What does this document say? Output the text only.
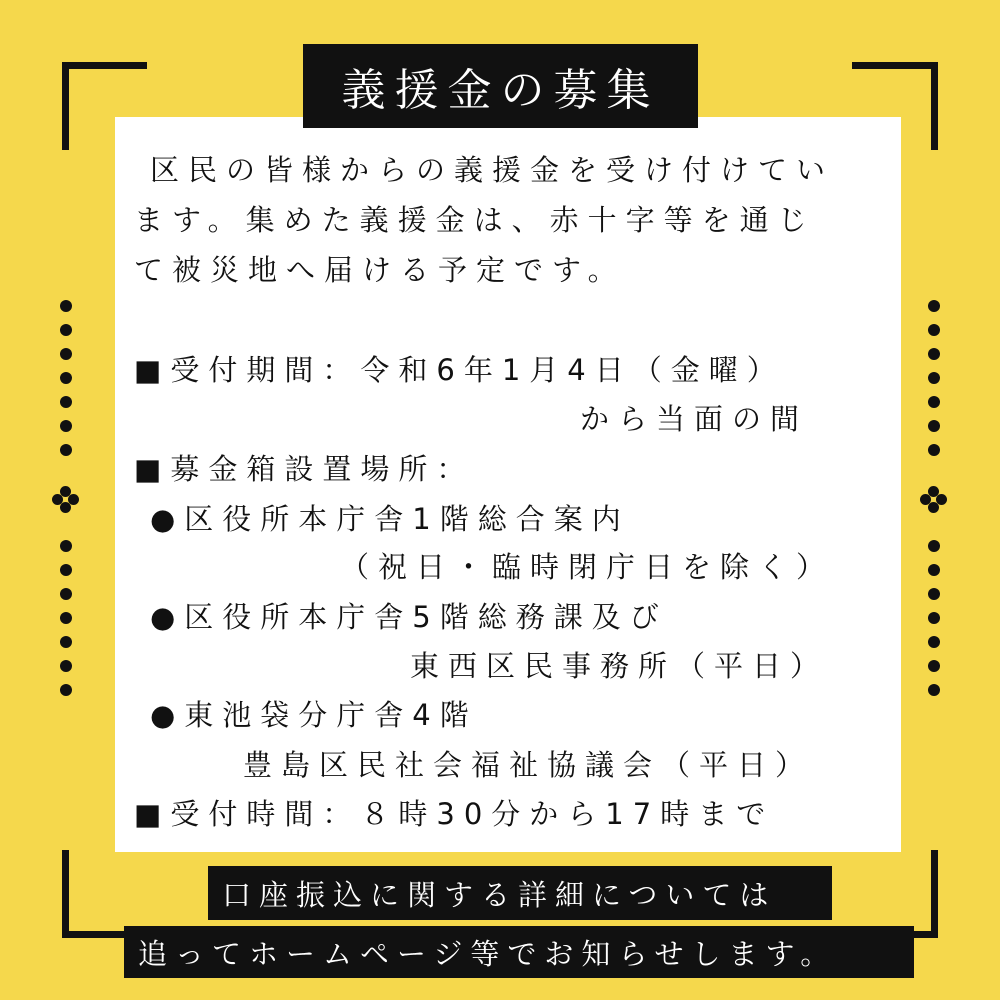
義援金の募集
区民の皆様からの義援金を受け付けてい
ます。集めた義援金は、赤十字等を通じ
て被災地へ届ける予定です。
■受付期間：令和6年1月4日（金曜）
から当面の間
■募金箱設置場所：
●区役所本庁舎1階総合案内
（祝日・臨時閉庁日を除く）
●区役所本庁舎5階総務課及び
東西区民事務所（平日）
●東池袋分庁舎4階
豊島区民社会福祉協議会（平日）
■受付時間：８時30分から17時まで
口座振込に関する詳細については
追ってホームページ等でお知らせします。
